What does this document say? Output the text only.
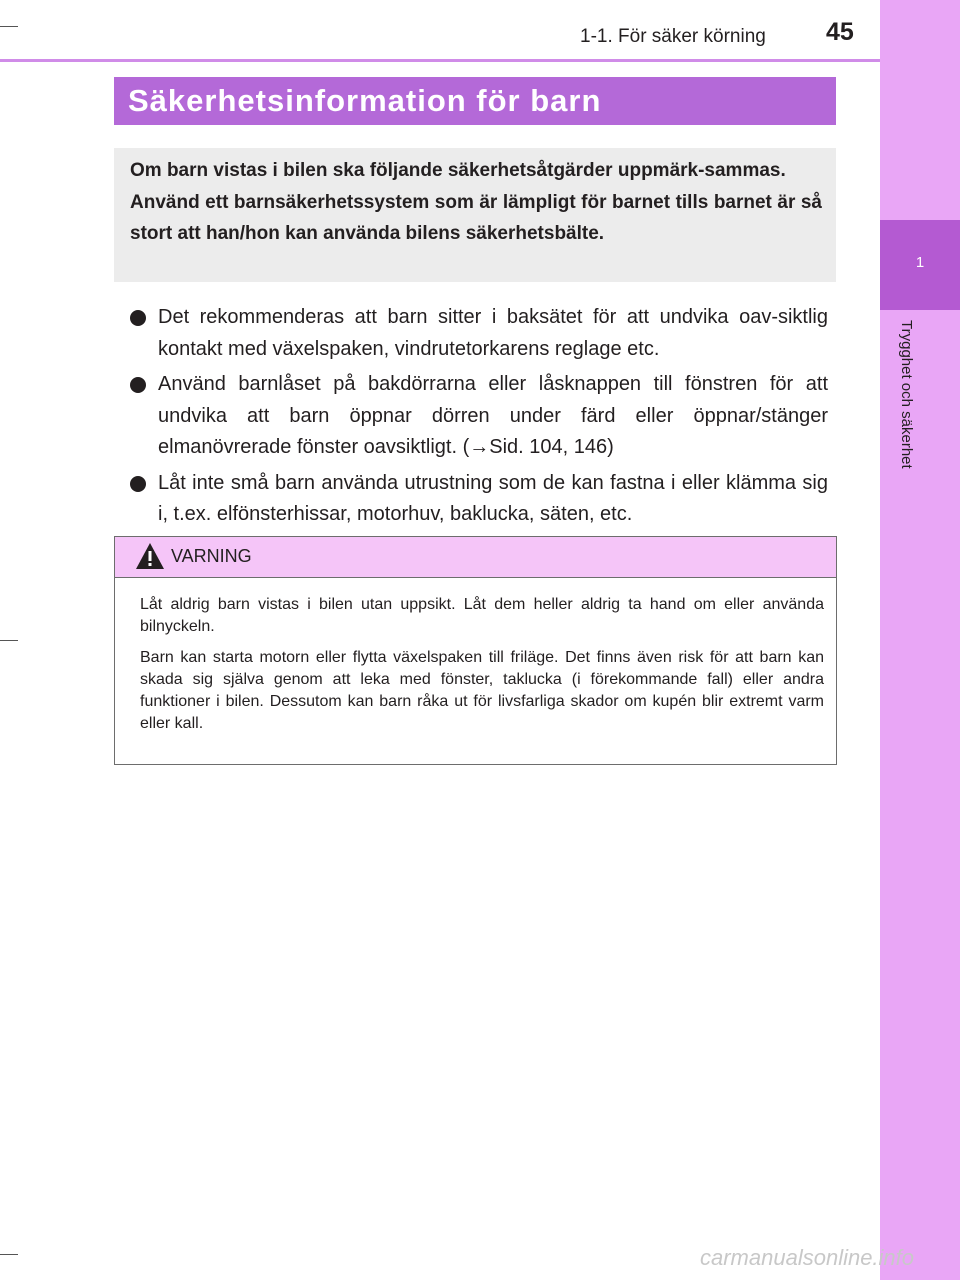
1-1. För säker körning	45
1
Trygghet och säkerhet
Säkerhetsinformation för barn

Om barn vistas i bilen ska följande säkerhetsåtgärder uppmärk-sammas.

Använd ett barnsäkerhetssystem som är lämpligt för barnet tills barnet är så stort att han/hon kan använda bilens säkerhetsbälte.

Det rekommenderas att barn sitter i baksätet för att undvika oav-siktlig kontakt med växelspaken, vindrutetorkarens reglage etc.
Använd barnlåset på bakdörrarna eller låsknappen till fönstren för att undvika att barn öppnar dörren under färd eller öppnar/stänger elmanövrerade fönster oavsiktligt. (→Sid. 104, 146)
Låt inte små barn använda utrustning som de kan fastna i eller klämma sig i, t.ex. elfönsterhissar, motorhuv, baklucka, säten, etc.
VARNING

Låt aldrig barn vistas i bilen utan uppsikt. Låt dem heller aldrig ta hand om eller använda bilnyckeln.

Barn kan starta motorn eller flytta växelspaken till friläge. Det finns även risk för att barn kan skada sig själva genom att leka med fönster, taklucka (i förekommande fall) eller andra funktioner i bilen. Dessutom kan barn råka ut för livsfarliga skador om kupén blir extremt varm eller kall.

carmanualsonline.info
